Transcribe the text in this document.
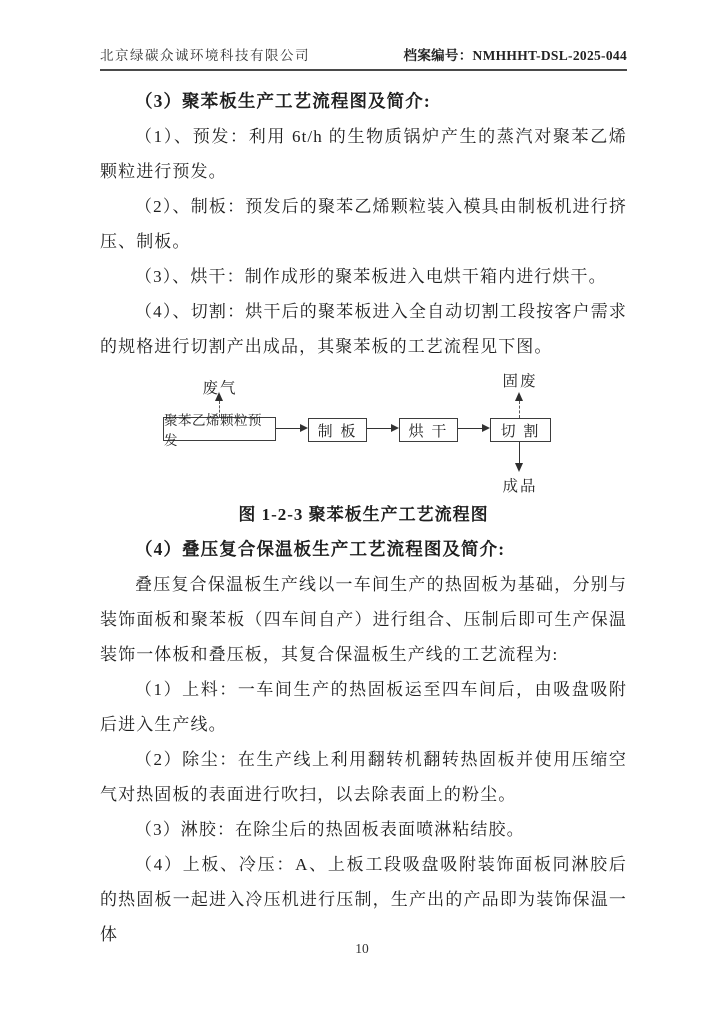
北京绿碳众诚环境科技有限公司	档案编号：NMHHHT-DSL-2025-044

（3）聚苯板生产工艺流程图及简介:

（1）、预发：利用 6t/h 的生物质锅炉产生的蒸汽对聚苯乙烯颗粒进行预发。

（2）、制板：预发后的聚苯乙烯颗粒装入模具由制板机进行挤压、制板。

（3）、烘干：制作成形的聚苯板进入电烘干箱内进行烘干。

（4）、切割：烘干后的聚苯板进入全自动切割工段按客户需求的规格进行切割产出成品，其聚苯板的工艺流程见下图。

废气	固废
成品
聚苯乙烯颗粒预发
制 板	烘 干	切 割

图 1-2-3 聚苯板生产工艺流程图

（4）叠压复合保温板生产工艺流程图及简介:

叠压复合保温板生产线以一车间生产的热固板为基础，分别与装饰面板和聚苯板（四车间自产）进行组合、压制后即可生产保温装饰一体板和叠压板，其复合保温板生产线的工艺流程为:

（1）上料：一车间生产的热固板运至四车间后，由吸盘吸附后进入生产线。

（2）除尘：在生产线上利用翻转机翻转热固板并使用压缩空气对热固板的表面进行吹扫，以去除表面上的粉尘。

（3）淋胶：在除尘后的热固板表面喷淋粘结胶。

（4）上板、冷压：A、上板工段吸盘吸附装饰面板同淋胶后的热固板一起进入冷压机进行压制，生产出的产品即为装饰保温一体

10
